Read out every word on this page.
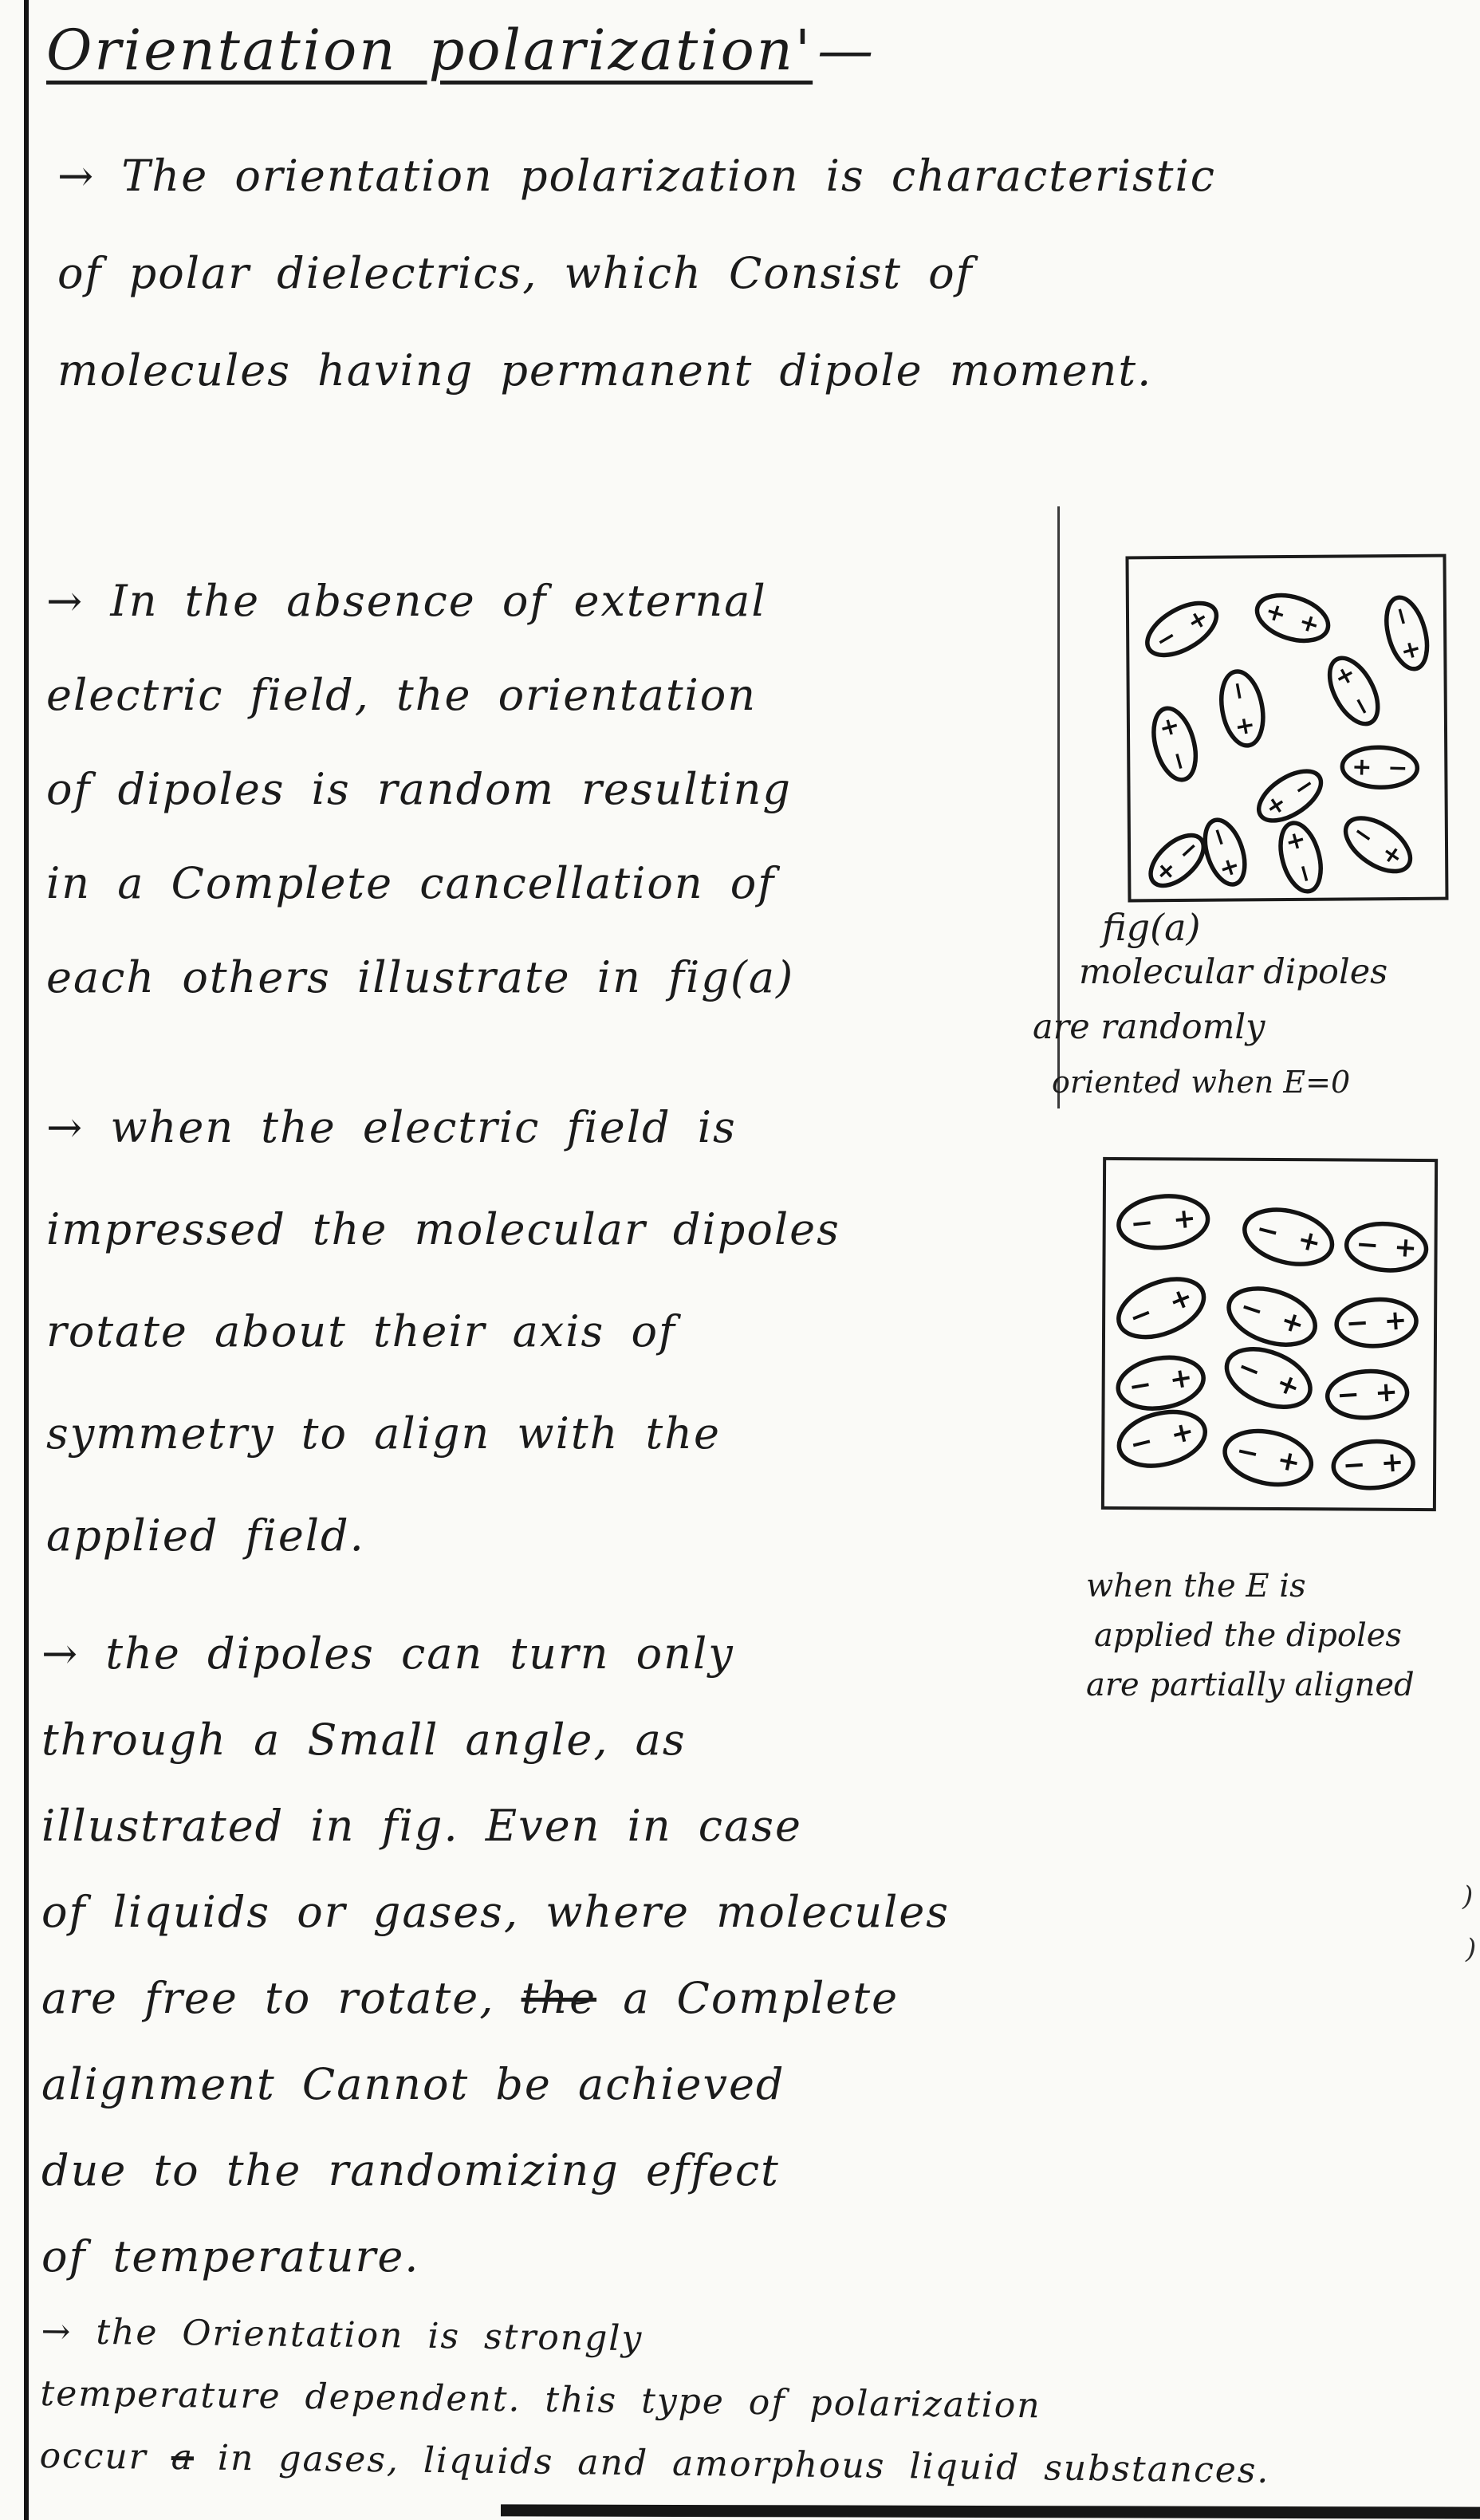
Orientation polarization'—
→ The orientation polarization is characteristic
of polar dielectrics, which Consist of
molecules having permanent dipole moment.
→ In the absence of external
electric field, the orientation
of dipoles is random resulting
in a Complete cancellation of
each others illustrate in fig(a)
→ when the electric field is
impressed the molecular dipoles
rotate about their axis of
symmetry to align with the
applied field.
→ the dipoles can turn only
through a Small angle, as
illustrated in fig. Even in case
of liquids or gases, where molecules
are free to rotate, the a Complete
alignment Cannot be achieved
due to the randomizing effect
of temperature.
→ the Orientation is strongly
temperature dependent. this type of polarization
occur a in gases, liquids and amorphous liquid substances.
−
+ + +	−
+
+
−
−
+
+
−
+
−
+ −
+
−
−
+
+
−
−
+
fig(a)
molecular dipoles
are randomly
oriented when E=0
− + − + − +
− + − + − +
− + − + − +
− +
− + − +
when the E is
applied the dipoles
are partially aligned
)
)
